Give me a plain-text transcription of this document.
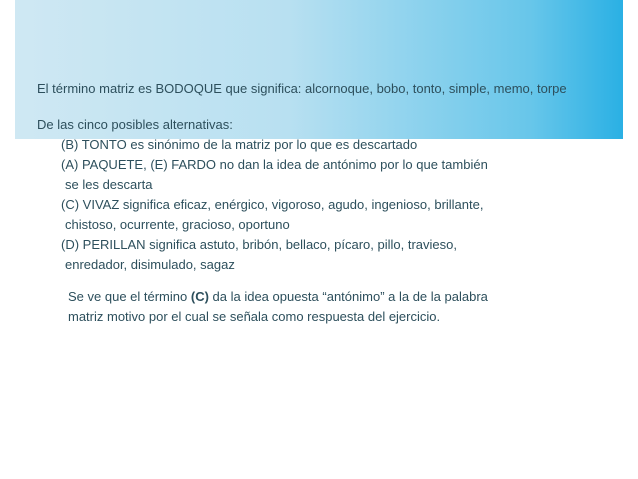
El término matriz es BODOQUE que significa: alcornoque, bobo, tonto, simple, memo, torpe

De las cinco posibles alternativas:

(B) TONTO es sinónimo de la matriz por lo que es descartado

(A) PAQUETE, (E) FARDO no dan la idea de antónimo por lo que también

se les descarta

(C) VIVAZ significa eficaz, enérgico, vigoroso, agudo, ingenioso, brillante,

chistoso, ocurrente, gracioso, oportuno

(D) PERILLAN significa astuto, bribón, bellaco, pícaro, pillo, travieso,

enredador, disimulado, sagaz

Se ve que el término (C) da la idea opuesta “antónimo” a la de la palabra

matriz motivo por el cual se señala como respuesta del ejercicio.
